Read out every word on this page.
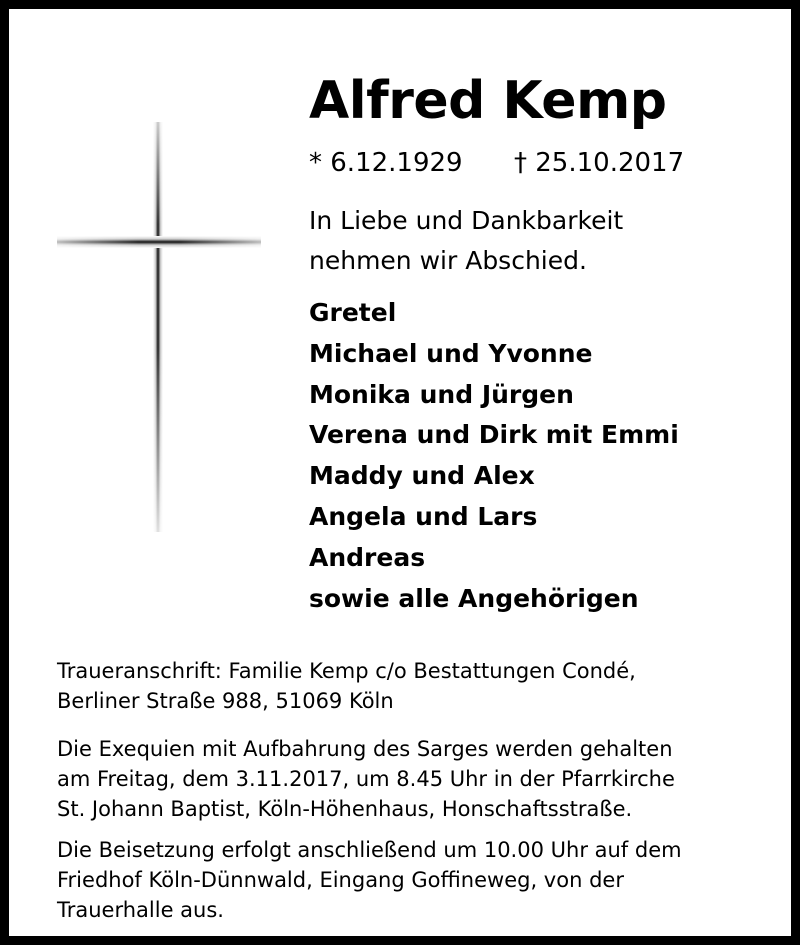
Alfred Kemp
* 6.12.1929 † 25.10.2017
In Liebe und Dankbarkeit
nehmen wir Abschied.
Gretel
Michael und Yvonne
Monika und Jürgen
Verena und Dirk mit Emmi
Maddy und Alex
Angela und Lars
Andreas
sowie alle Angehörigen
Traueranschrift: Familie Kemp c/o Bestattungen Condé,
Berliner Straße 988, 51069 Köln
Die Exequien mit Aufbahrung des Sarges werden gehalten
am Freitag, dem 3.11.2017, um 8.45 Uhr in der Pfarrkirche
St. Johann Baptist, Köln-Höhenhaus, Honschaftsstraße.
Die Beisetzung erfolgt anschließend um 10.00 Uhr auf dem
Friedhof Köln-Dünnwald, Eingang Goffineweg, von der
Trauerhalle aus.
